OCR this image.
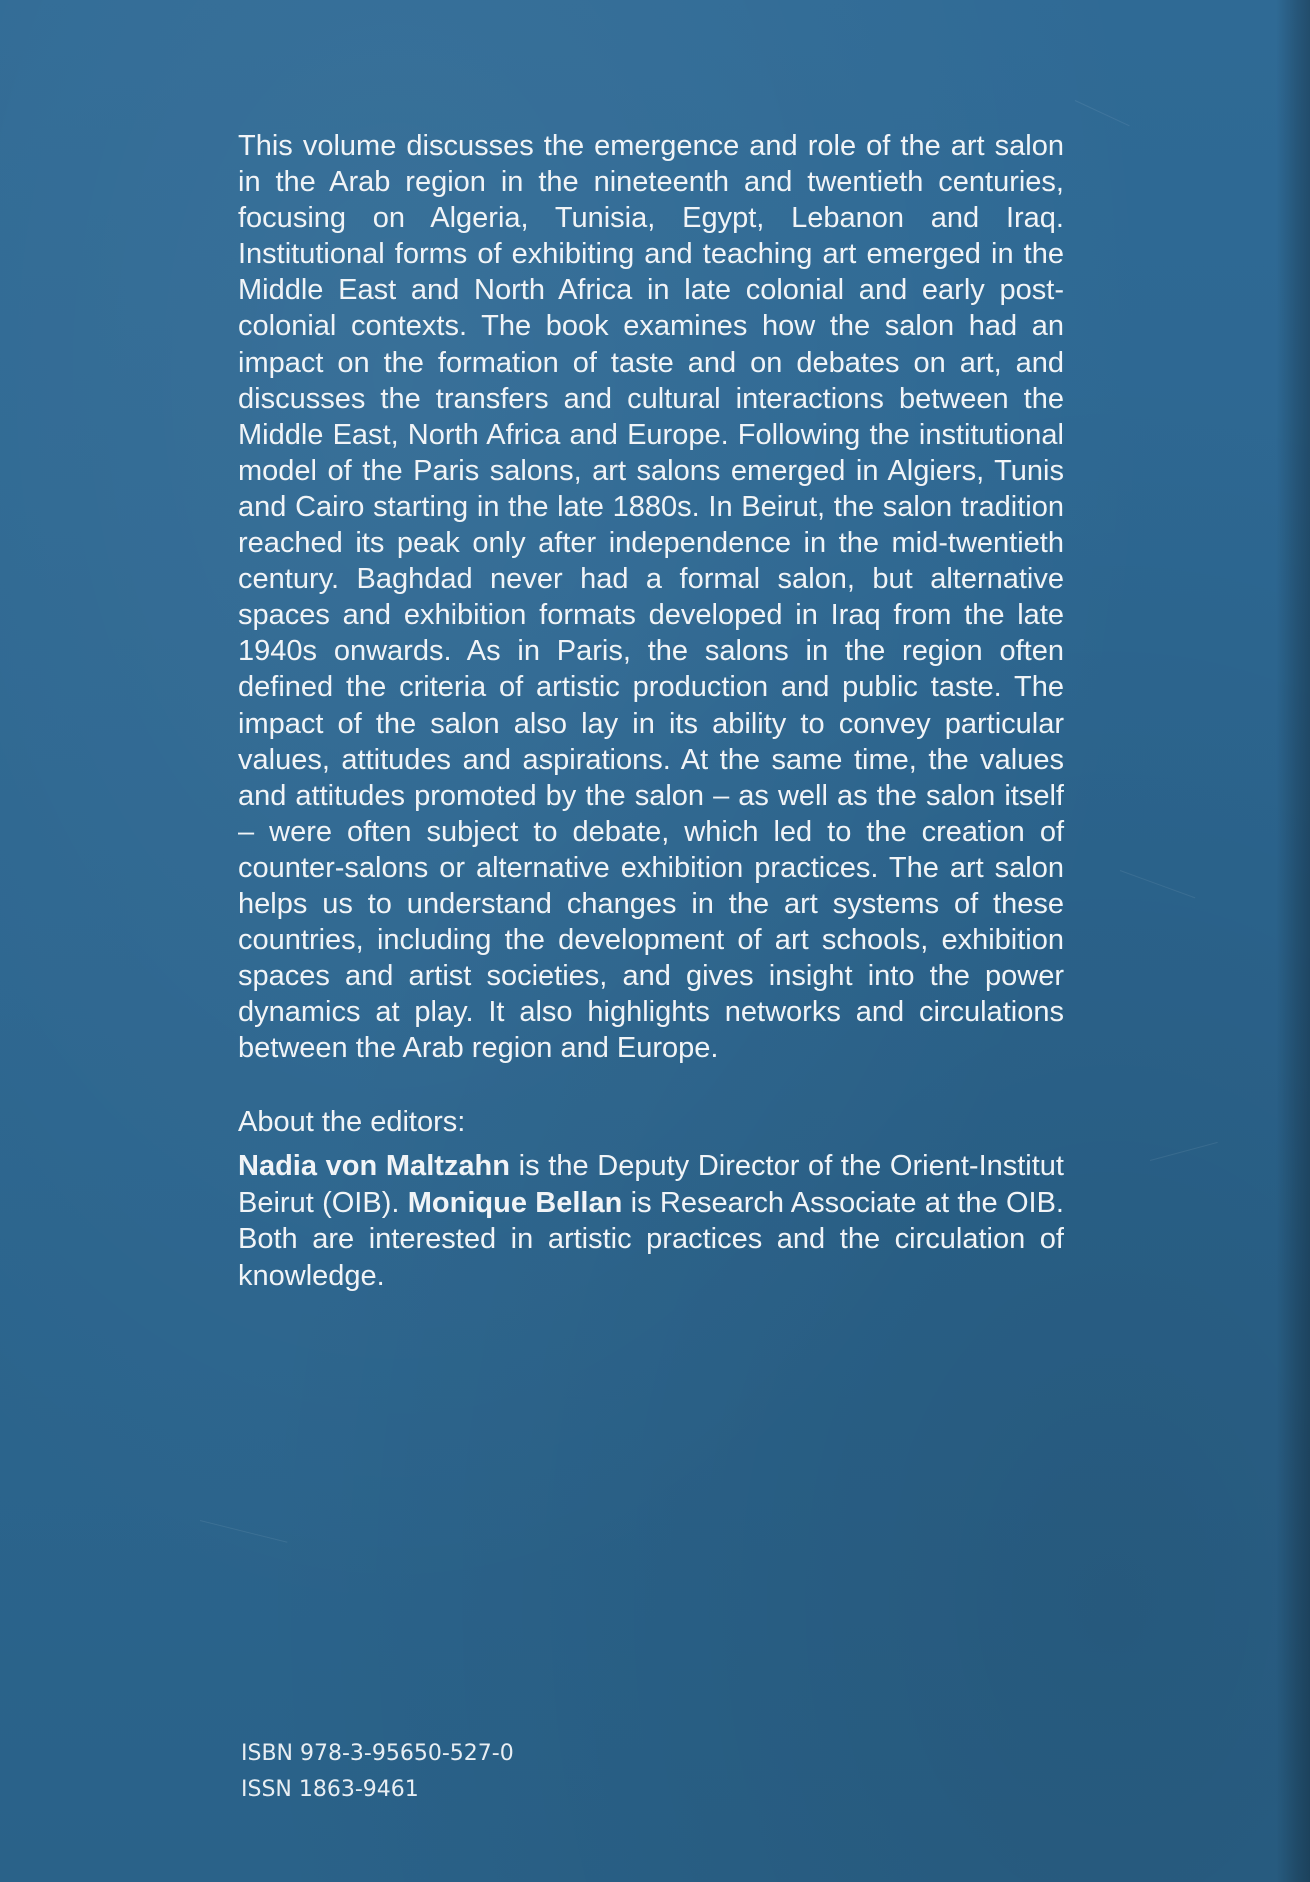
This volume discusses the emergence and role of the art salon in the Arab region in the nineteenth and twentieth centuries, focusing on Algeria, Tunisia, Egypt, Lebanon and Iraq. Institutional forms of exhibiting and teaching art emerged in the Middle East and North Africa in late colonial and early post-colonial contexts. The book examines how the salon had an impact on the formation of taste and on debates on art, and discusses the transfers and cultural interactions between the Middle East, North Africa and Europe. Following the institutional model of the Paris salons, art salons emerged in Algiers, Tunis and Cairo starting in the late 1880s. In Beirut, the salon tradition reached its peak only after independence in the mid-twentieth century. Baghdad never had a formal salon, but alternative spaces and exhibition formats developed in Iraq from the late 1940s onwards. As in Paris, the salons in the region often defined the criteria of artistic production and public taste. The impact of the salon also lay in its ability to convey particular values, attitudes and aspirations. At the same time, the values and attitudes promoted by the salon – as well as the salon itself – were often subject to debate, which led to the creation of counter-salons or alternative exhibition practices. The art salon helps us to understand changes in the art systems of these countries, including the development of art schools, exhibition spaces and artist societies, and gives insight into the power dynamics at play. It also highlights networks and circulations between the Arab region and Europe.

About the editors:

Nadia von Maltzahn is the Deputy Director of the Orient-Institut Beirut (OIB). Monique Bellan is Research Associate at the OIB. Both are interested in artistic practices and the circulation of knowledge.

ISBN 978-3-95650-527-0
ISSN 1863-9461
